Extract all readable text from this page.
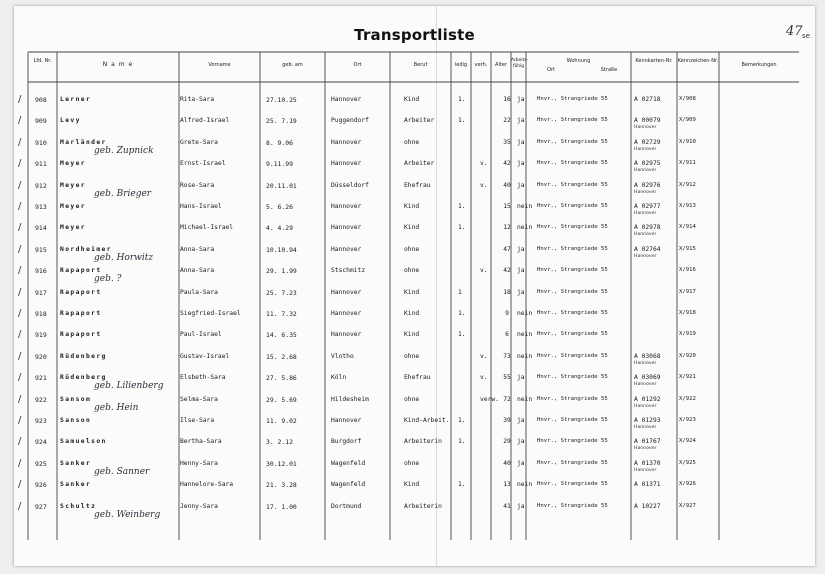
Transportliste	47 se
Lfd. Nr.	N a m e	Vorname	geb. am	Ort	Beruf	ledig	verh.	Alter
Arbeits-fähig
Wohnung
Ort	Straße
Kennkarten-Nr.	Kennzeichen-Nr.
Bemerkungen
/ 908	Lerner	Rita-Sara	27.10.25	Hannover	Kind	1.	16 ja	Hnvr., Strangriede 55	A 02718	X/908
/ 909	Levy	Alfred-Israel	25. 7.19	Puggendorf	Arbeiter	1.	22 ja	Hnvr., Strangriede 55	A 00079	X/909
Hannover
/ 910	Marländer	Grete-Sara	8. 9.06	Hannover	ohne	35 ja	Hnvr., Strangriede 55	A 02729	X/910
Hannover
geb. Zupnick
/ 911	Meyer	Ernst-Israel	9.11.99	Hannover	Arbeiter	v.	42 ja	Hnvr., Strangriede 55	A 02975	X/911
Hannover
/ 912	Meyer	Rose-Sara	20.11.01	Düsseldorf	Ehefrau	v.	40 ja	Hnvr., Strangriede 55	A 02976	X/912
Hannover
geb. Brieger
/ 913	Meyer	Hans-Israel	5. 6.26	Hannover	Kind	1.	15 nein Hnvr., Strangriede 55	A 02977	X/913
Hannover
/ 914	Meyer	Michael-Israel	4. 4.29	Hannover	Kind	1.	12 nein Hnvr., Strangriede 55	A 02978	X/914
Hannover
/ 915	Nordheimer	Anna-Sara	10.10.94	Hannover	ohne	47 ja	Hnvr., Strangriede 55	A 02764	X/915
Hannover
geb. Horwitz
/ 916	Rapaport	Anna-Sara	29. 1.99	Stschmitz	ohne	v.	42 ja	Hnvr., Strangriede 55	X/916
geb. ?
/ 917	Rapaport	Paula-Sara	25. 7.23	Hannover	Kind	1	18 ja	Hnvr., Strangriede 55	X/917
/ 918	Rapaport	Siegfried-Israel	11. 7.32	Hannover	Kind	1.	9	nein Hnvr., Strangriede 55	X/918
/ 919	Rapaport	Paul-Israel	14. 6.35	Hannover	Kind	1.	6	nein Hnvr., Strangriede 55	X/919
/ 920	Rüdenberg	Gustav-Israel	15. 2.68	Vlotho	ohne	v.	73 nein Hnvr., Strangriede 55	A 03068	X/920
Hannover
/ 921	Rüdenberg	Elsbeth-Sara	27. 5.86	Köln	Ehefrau	v.	55 ja	Hnvr., Strangriede 55	A 03069	X/921
Hannover
geb. Lilienberg
/ 922	Sansom	Selma-Sara	29. 5.69	Hildesheim	ohne	verw. 72 nein Hnvr., Strangriede 55	A 01292	X/922
Hannover
geb. Hein
/ 923	Sanson	Ilse-Sara	11. 9.02	Hannover	Kind-Arbeit.	1.	39 ja	Hnvr., Strangriede 55	A 01293	X/923
Hannover
/ 924	Samuelson	Bertha-Sara	3. 2.12	Burgdorf	Arbeiterin	1.	29 ja	Hnvr., Strangriede 55	A 01767	X/924
Hannover
/ 925	Sanker	Henny-Sara	30.12.01	Wagenfeld	ohne	40 ja	Hnvr., Strangriede 55	A 01370	X/925
Hannover
geb. Sanner
/ 926	Sanker	Hannelore-Sara	21. 3.28	Wagenfeld	Kind	1.	13 nein Hnvr., Strangriede 55	A 01371	X/926
/ 927	Schultz	Jenny-Sara	17. 1.00	Dortmund	Arbeiterin	41 ja	Hnvr., Strangriede 55	A 10227	X/927
geb. Weinberg
